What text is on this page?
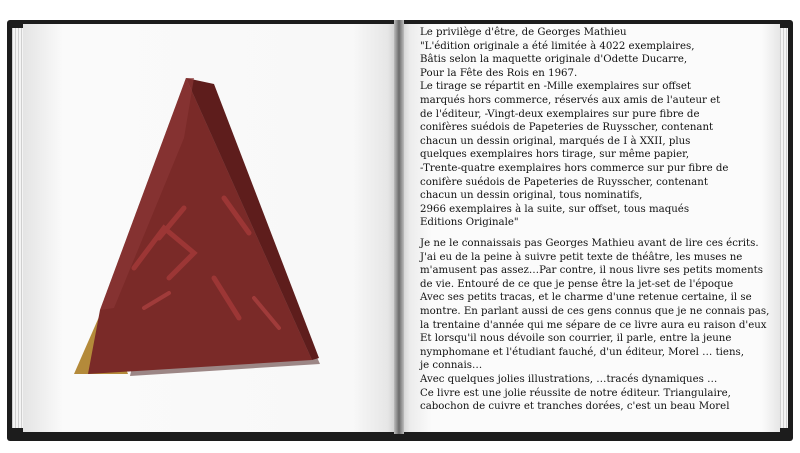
Le privilège d'être, de Georges Mathieu
"L'édition originale a été limitée à 4022 exemplaires,
Bâtis selon la maquette originale d'Odette Ducarre,
Pour la Fête des Rois en 1967.
Le tirage se répartit en -Mille exemplaires sur offset
marqués hors commerce, réservés aux amis de l'auteur et
de l'éditeur, -Vingt-deux exemplaires sur pure fibre de
conifères suédois de Papeteries de Ruysscher, contenant
chacun un dessin original, marqués de I à XXII, plus
quelques exemplaires hors tirage, sur même papier,
-Trente-quatre exemplaires hors commerce sur pur fibre de
conifère suédois de Papeteries de Ruysscher, contenant
chacun un dessin original, tous nominatifs,
2966 exemplaires à la suite, sur offset, tous maqués
Editions Originale"
Je ne le connaissais pas Georges Mathieu avant de lire ces écrits.
J'ai eu de la peine à suivre petit texte de théâtre, les muses ne
m'amusent pas assez…Par contre, il nous livre ses petits moments
de vie. Entouré de ce que je pense être la jet-set de l'époque
Avec ses petits tracas, et le charme d'une retenue certaine, il se
montre. En parlant aussi de ces gens connus que je ne connais pas,
la trentaine d'année qui me sépare de ce livre aura eu raison d'eux
Et lorsqu'il nous dévoile son courrier, il parle, entre la jeune
nymphomane et l'étudiant fauché, d'un éditeur, Morel … tiens,
je connais…
Avec quelques jolies illustrations, …tracés dynamiques …
Ce livre est une jolie réussite de notre éditeur. Triangulaire,
cabochon de cuivre et tranches dorées, c'est un beau Morel
